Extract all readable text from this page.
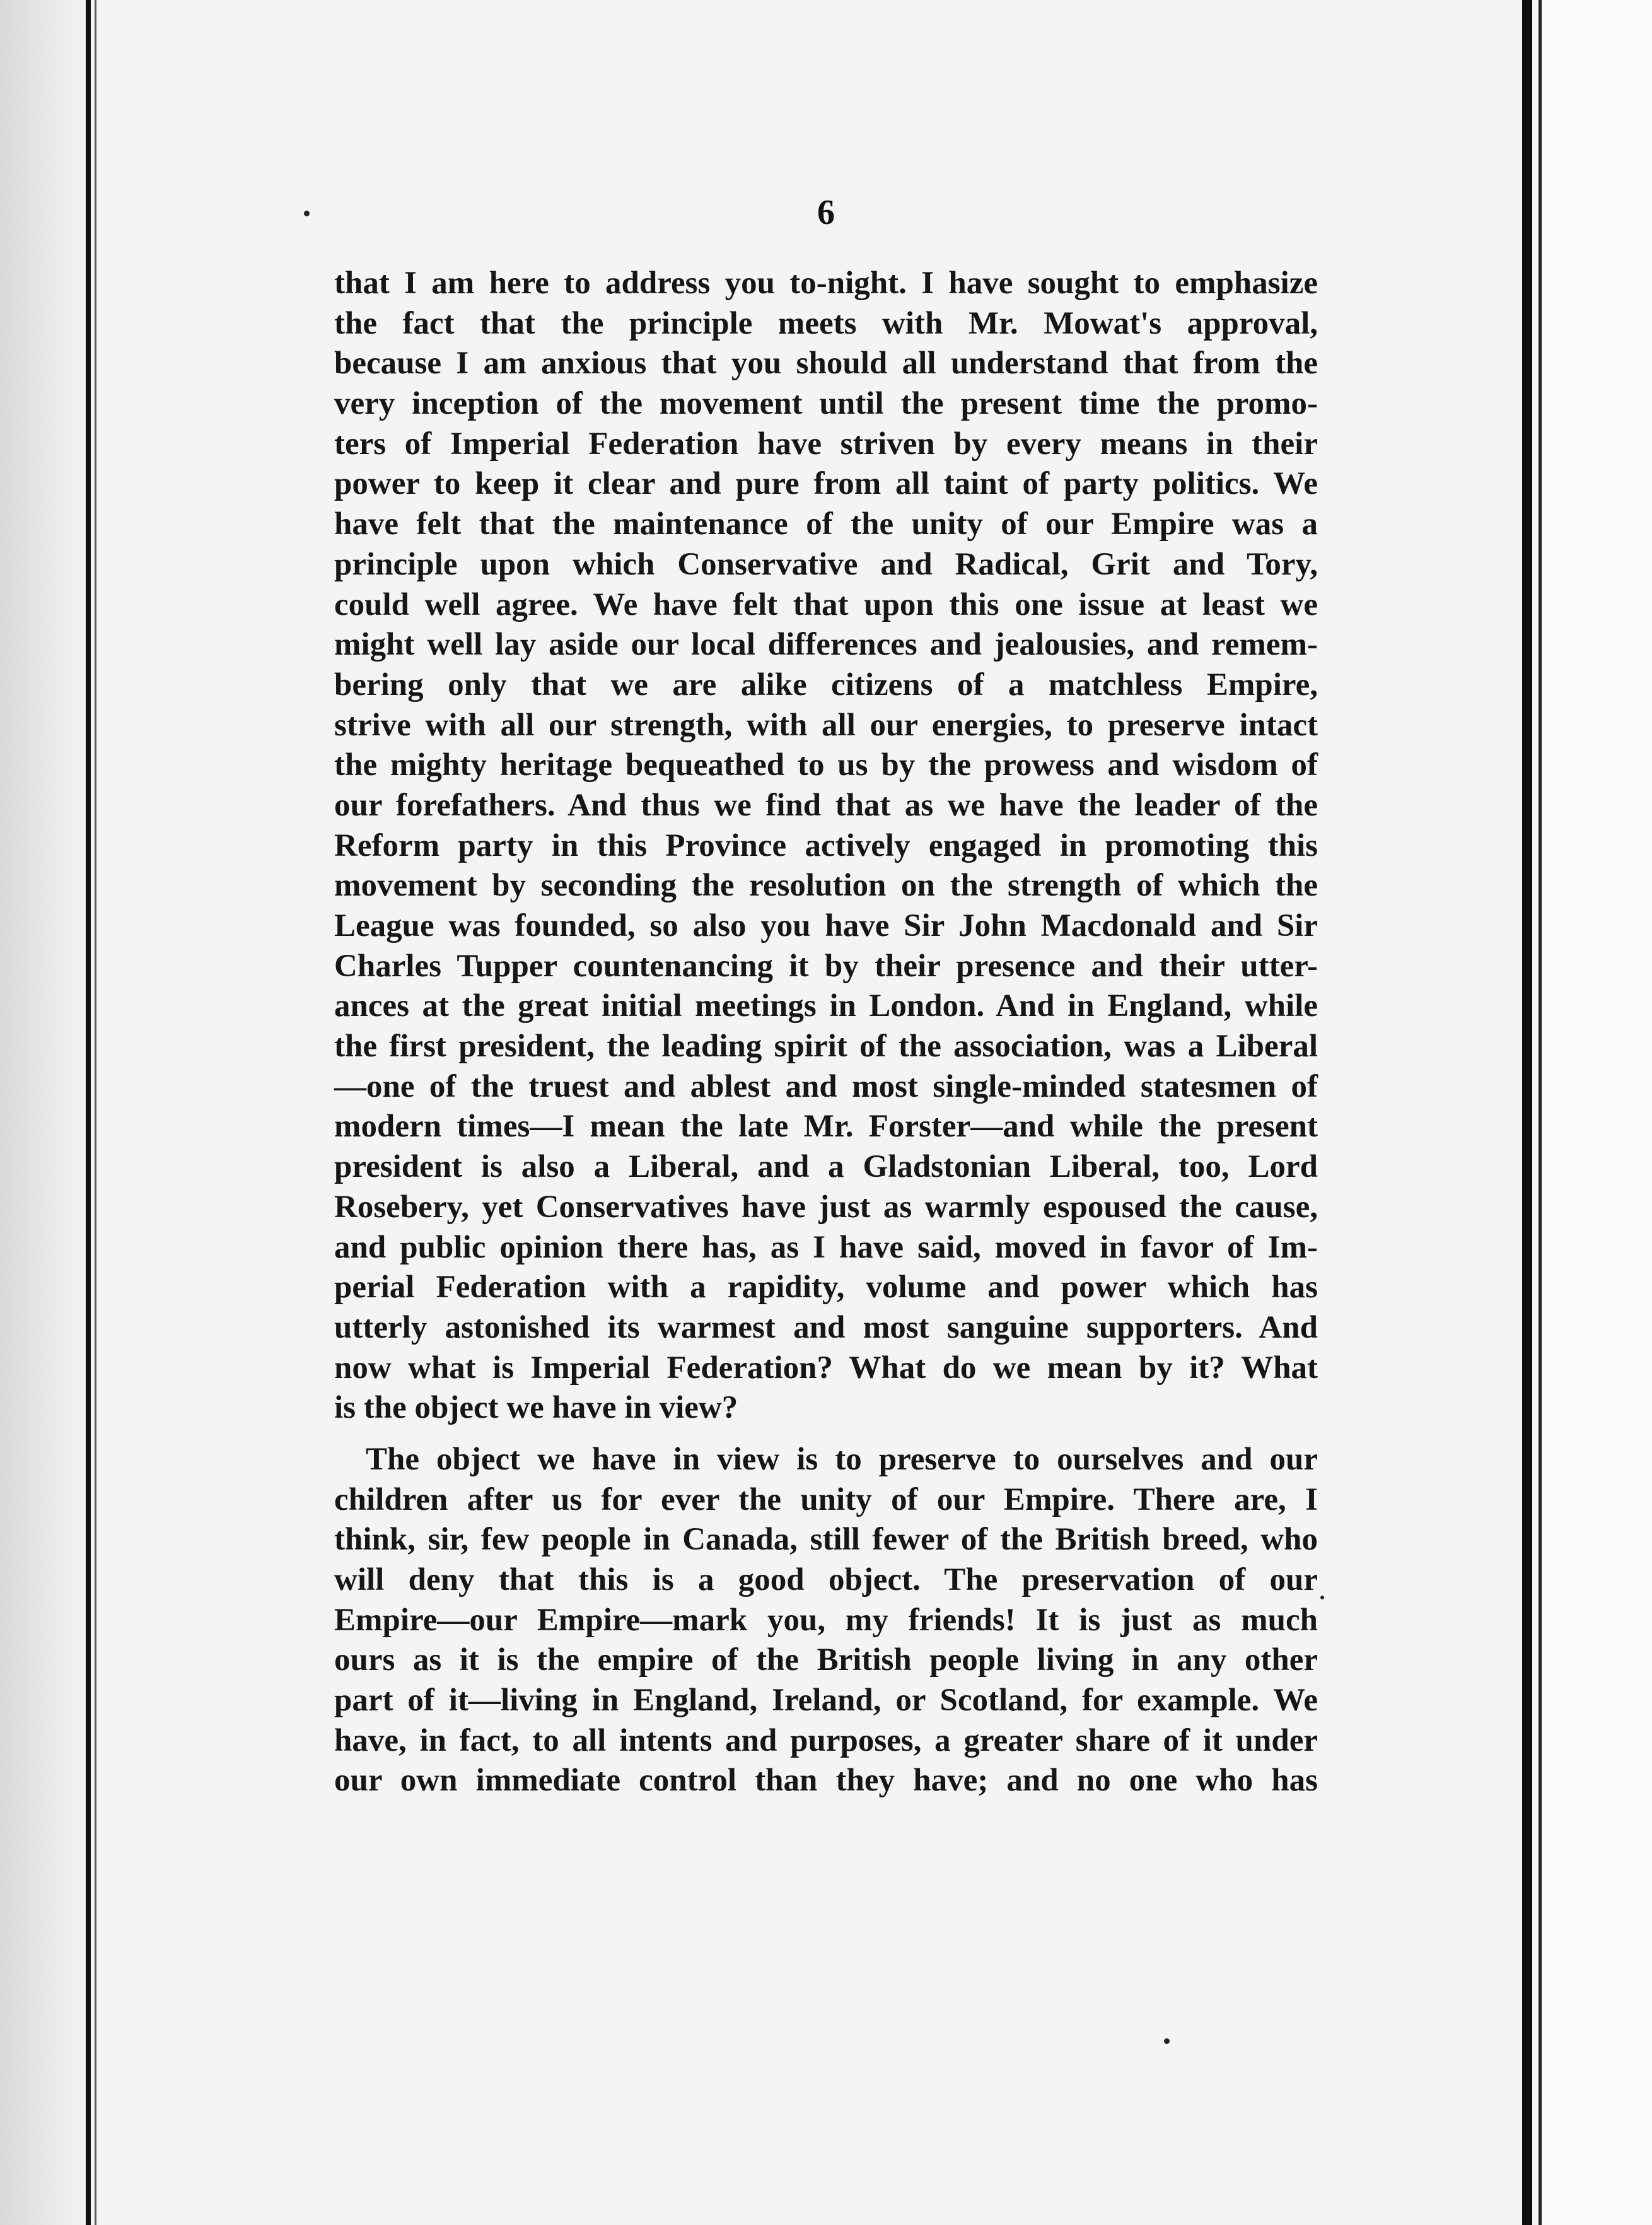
6
that I am here to address you to-night. I have sought to emphasize
the fact that the principle meets with Mr. Mowat's approval,
because I am anxious that you should all understand that from the
very inception of the movement until the present time the promo-
ters of Imperial Federation have striven by every means in their
power to keep it clear and pure from all taint of party politics. We
have felt that the maintenance of the unity of our Empire was a
principle upon which Conservative and Radical, Grit and Tory,
could well agree. We have felt that upon this one issue at least we
might well lay aside our local differences and jealousies, and remem-
bering only that we are alike citizens of a matchless Empire,
strive with all our strength, with all our energies, to preserve intact
the mighty heritage bequeathed to us by the prowess and wisdom of
our forefathers. And thus we find that as we have the leader of the
Reform party in this Province actively engaged in promoting this
movement by seconding the resolution on the strength of which the
League was founded, so also you have Sir John Macdonald and Sir
Charles Tupper countenancing it by their presence and their utter-
ances at the great initial meetings in London. And in England, while
the first president, the leading spirit of the association, was a Liberal
—one of the truest and ablest and most single-minded statesmen of
modern times—I mean the late Mr. Forster—and while the present
president is also a Liberal, and a Gladstonian Liberal, too, Lord
Rosebery, yet Conservatives have just as warmly espoused the cause,
and public opinion there has, as I have said, moved in favor of Im-
perial Federation with a rapidity, volume and power which has
utterly astonished its warmest and most sanguine supporters. And
now what is Imperial Federation? What do we mean by it? What
is the object we have in view?
The object we have in view is to preserve to ourselves and our
children after us for ever the unity of our Empire. There are, I
think, sir, few people in Canada, still fewer of the British breed, who
will deny that this is a good object. The preservation of our
Empire—our Empire—mark you, my friends! It is just as much
ours as it is the empire of the British people living in any other
part of it—living in England, Ireland, or Scotland, for example. We
have, in fact, to all intents and purposes, a greater share of it under
our own immediate control than they have; and no one who has
